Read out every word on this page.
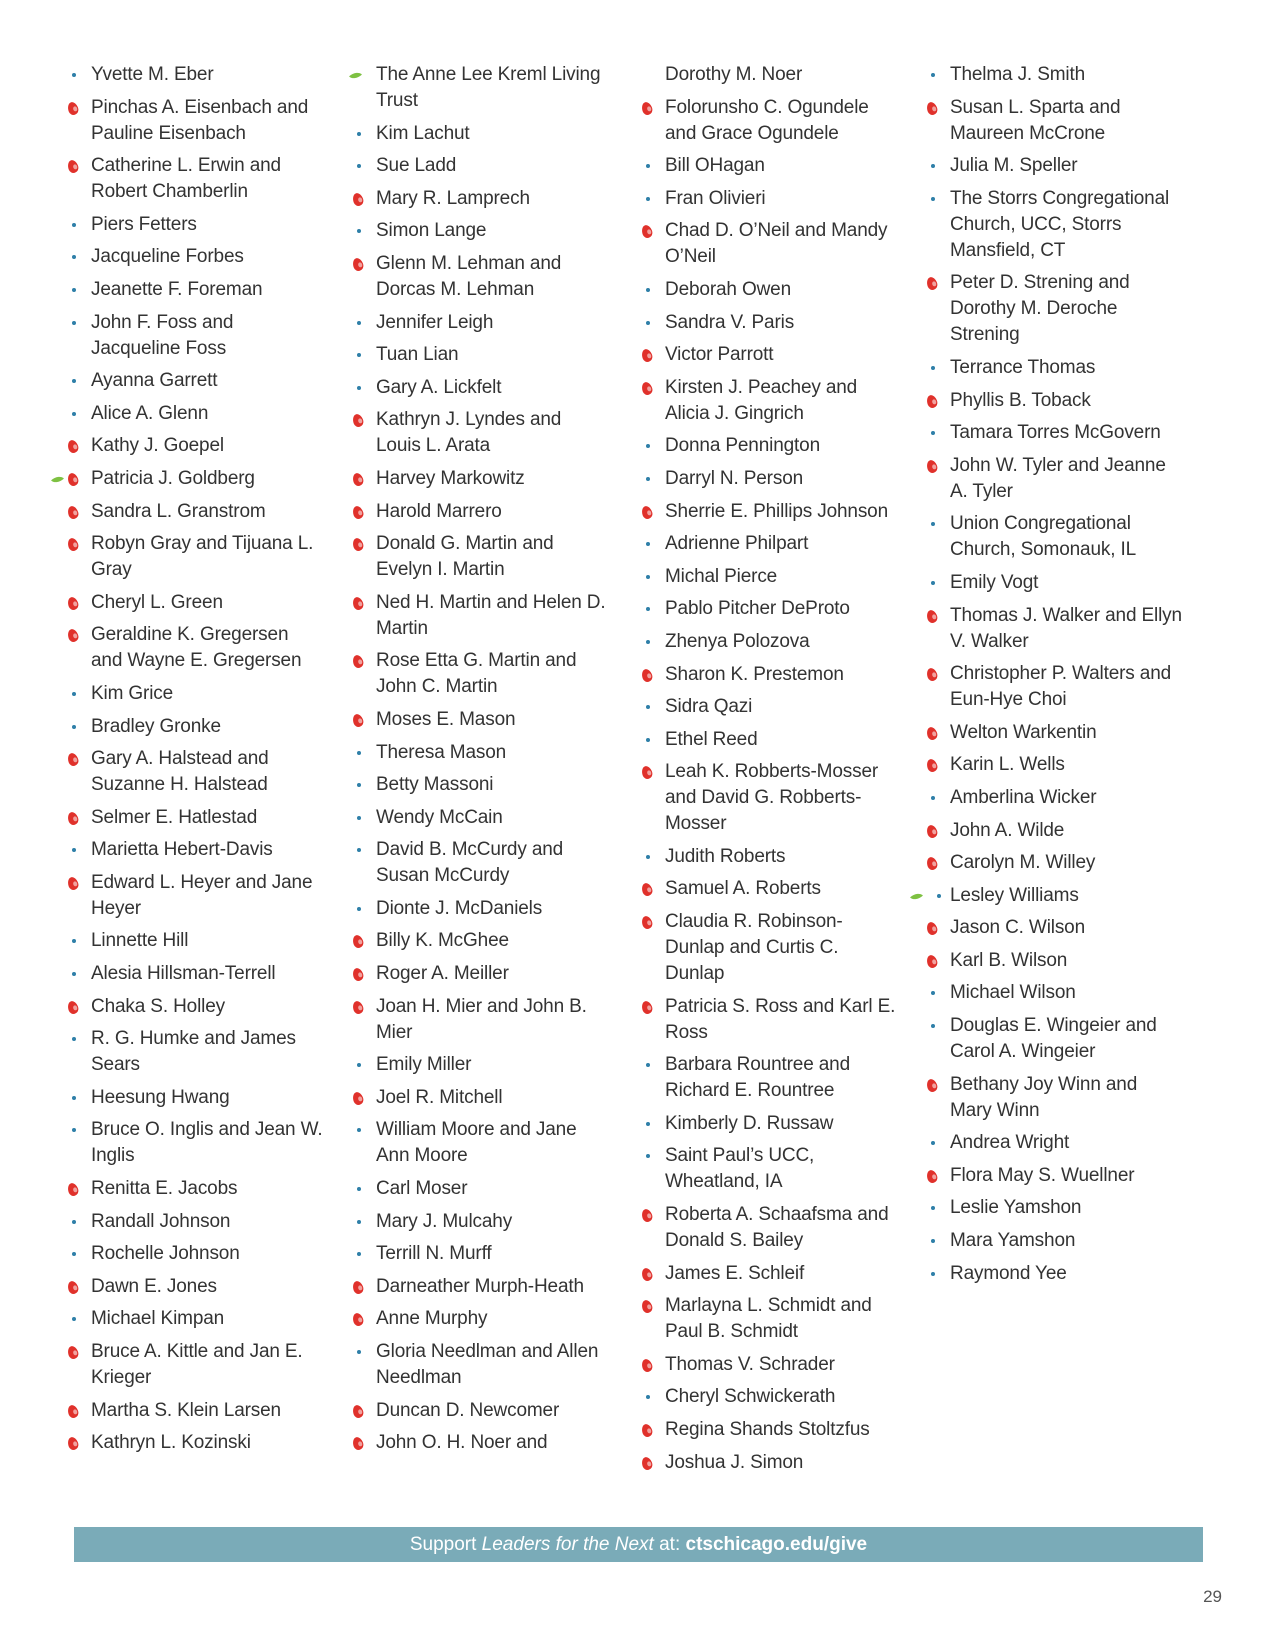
Yvette M. Eber
Pinchas A. Eisenbach and Pauline Eisenbach
Catherine L. Erwin and Robert Chamberlin
Piers Fetters
Jacqueline Forbes
Jeanette F. Foreman
John F. Foss and Jacqueline Foss
Ayanna Garrett
Alice A. Glenn
Kathy J. Goepel
Patricia J. Goldberg
Sandra L. Granstrom
Robyn Gray and Tijuana L. Gray
Cheryl L. Green
Geraldine K. Gregersen and Wayne E. Gregersen
Kim Grice
Bradley Gronke
Gary A. Halstead and Suzanne H. Halstead
Selmer E. Hatlestad
Marietta Hebert-Davis
Edward L. Heyer and Jane Heyer
Linnette Hill
Alesia Hillsman-Terrell
Chaka S. Holley
R. G. Humke and James Sears
Heesung Hwang
Bruce O. Inglis and Jean W. Inglis
Renitta E. Jacobs
Randall Johnson
Rochelle Johnson
Dawn E. Jones
Michael Kimpan
Bruce A. Kittle and Jan E. Krieger
Martha S. Klein Larsen
Kathryn L. Kozinski
The Anne Lee Kreml Living Trust
Kim Lachut
Sue Ladd
Mary R. Lamprech
Simon Lange
Glenn M. Lehman and Dorcas M. Lehman
Jennifer Leigh
Tuan Lian
Gary A. Lickfelt
Kathryn J. Lyndes and Louis L. Arata
Harvey Markowitz
Harold Marrero
Donald G. Martin and Evelyn I. Martin
Ned H. Martin and Helen D. Martin
Rose Etta G. Martin and John C. Martin
Moses E. Mason
Theresa Mason
Betty Massoni
Wendy McCain
David B. McCurdy and Susan McCurdy
Dionte J. McDaniels
Billy K. McGhee
Roger A. Meiller
Joan H. Mier and John B. Mier
Emily Miller
Joel R. Mitchell
William Moore and Jane Ann Moore
Carl Moser
Mary J. Mulcahy
Terrill N. Murff
Darneather Murph-Heath
Anne Murphy
Gloria Needlman and Allen Needlman
Duncan D. Newcomer
John O. H. Noer and
Dorothy M. Noer
Folorunsho C. Ogundele and Grace Ogundele
Bill OHagan
Fran Olivieri
Chad D. O’Neil and Mandy O’Neil
Deborah Owen
Sandra V. Paris
Victor Parrott
Kirsten J. Peachey and Alicia J. Gingrich
Donna Pennington
Darryl N. Person
Sherrie E. Phillips Johnson
Adrienne Philpart
Michal Pierce
Pablo Pitcher DeProto
Zhenya Polozova
Sharon K. Prestemon
Sidra Qazi
Ethel Reed
Leah K. Robberts-Mosser and David G. Robberts-Mosser
Judith Roberts
Samuel A. Roberts
Claudia R. Robinson-Dunlap and Curtis C. Dunlap
Patricia S. Ross and Karl E. Ross
Barbara Rountree and Richard E. Rountree
Kimberly D. Russaw
Saint Paul’s UCC, Wheatland, IA
Roberta A. Schaafsma and Donald S. Bailey
James E. Schleif
Marlayna L. Schmidt and Paul B. Schmidt
Thomas V. Schrader
Cheryl Schwickerath
Regina Shands Stoltzfus
Joshua J. Simon
Thelma J. Smith
Susan L. Sparta and Maureen McCrone
Julia M. Speller
The Storrs Congregational Church, UCC, Storrs Mansfield, CT
Peter D. Strening and Dorothy M. Deroche Strening
Terrance Thomas
Phyllis B. Toback
Tamara Torres McGovern
John W. Tyler and Jeanne A. Tyler
Union Congregational Church, Somonauk, IL
Emily Vogt
Thomas J. Walker and Ellyn V. Walker
Christopher P. Walters and Eun-Hye Choi
Welton Warkentin
Karin L. Wells
Amberlina Wicker
John A. Wilde
Carolyn M. Willey
Lesley Williams
Jason C. Wilson
Karl B. Wilson
Michael Wilson
Douglas E. Wingeier and Carol A. Wingeier
Bethany Joy Winn and Mary Winn
Andrea Wright
Flora May S. Wuellner
Leslie Yamshon
Mara Yamshon
Raymond Yee
Support Leaders for the Next at: ctschicago.edu/give
29
